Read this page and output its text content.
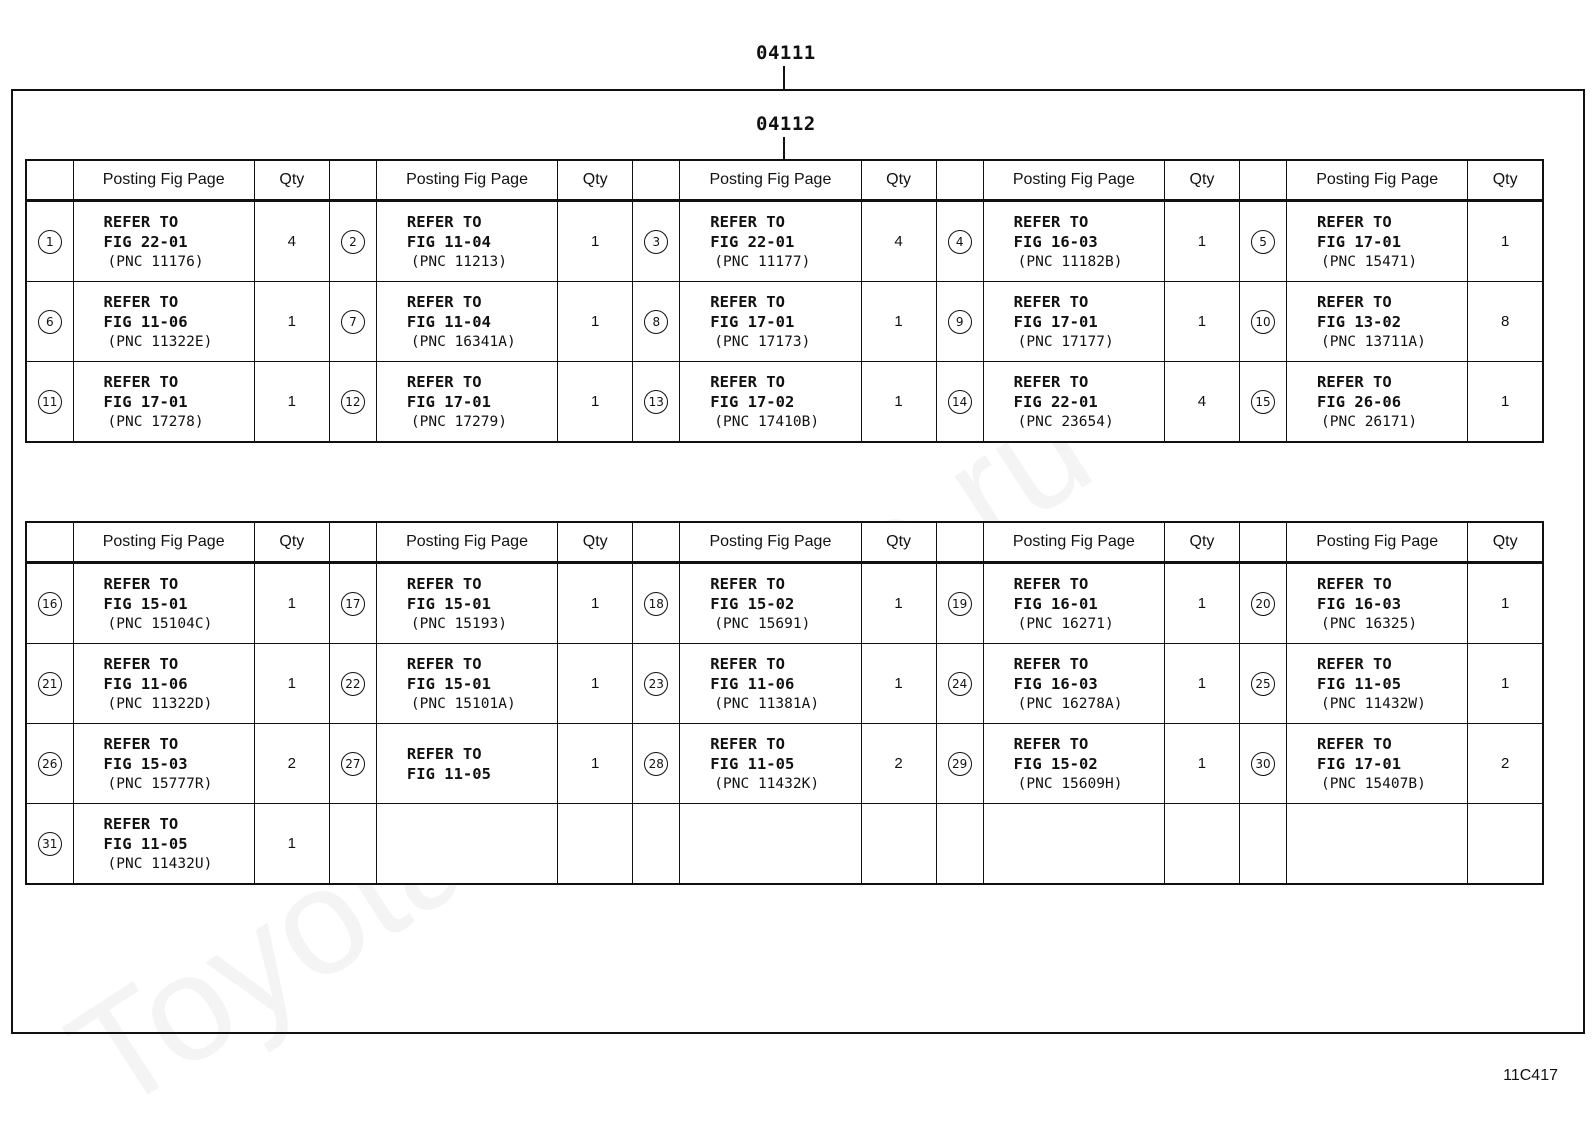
04111
04112
	Posting Fig Page	Qty		Posting Fig Page	Qty		Posting Fig Page	Qty		Posting Fig Page	Qty		Posting Fig Page	Qty
1	REFER TO
FIG 22-01
(PNC 11176)	4	2	REFER TO
FIG 11-04
(PNC 11213)	1	3	REFER TO
FIG 22-01
(PNC 11177)	4	4	REFER TO
FIG 16-03
(PNC 11182B)	1	5	REFER TO
FIG 17-01
(PNC 15471)	1
6	REFER TO
FIG 11-06
(PNC 11322E)	1	7	REFER TO
FIG 11-04
(PNC 16341A)	1	8	REFER TO
FIG 17-01
(PNC 17173)	1	9	REFER TO
FIG 17-01
(PNC 17177)	1	10	REFER TO
FIG 13-02
(PNC 13711A)	8
11	REFER TO
FIG 17-01
(PNC 17278)	1	12	REFER TO
FIG 17-01
(PNC 17279)	1	13	REFER TO
FIG 17-02
(PNC 17410B)	1	14	REFER TO
FIG 22-01
(PNC 23654)	4	15	REFER TO
FIG 26-06
(PNC 26171)	1
	Posting Fig Page	Qty		Posting Fig Page	Qty		Posting Fig Page	Qty		Posting Fig Page	Qty		Posting Fig Page	Qty
16	REFER TO
FIG 15-01
(PNC 15104C)	1	17	REFER TO
FIG 15-01
(PNC 15193)	1	18	REFER TO
FIG 15-02
(PNC 15691)	1	19	REFER TO
FIG 16-01
(PNC 16271)	1	20	REFER TO
FIG 16-03
(PNC 16325)	1
21	REFER TO
FIG 11-06
(PNC 11322D)	1	22	REFER TO
FIG 15-01
(PNC 15101A)	1	23	REFER TO
FIG 11-06
(PNC 11381A)	1	24	REFER TO
FIG 16-03
(PNC 16278A)	1	25	REFER TO
FIG 11-05
(PNC 11432W)	1
26	REFER TO
FIG 15-03
(PNC 15777R)	2	27	REFER TO
FIG 11-05	1	28	REFER TO
FIG 11-05
(PNC 11432K)	2	29	REFER TO
FIG 15-02
(PNC 15609H)	1	30	REFER TO
FIG 17-01
(PNC 15407B)	2
31	REFER TO
FIG 11-05
(PNC 11432U)	1												
11C417
